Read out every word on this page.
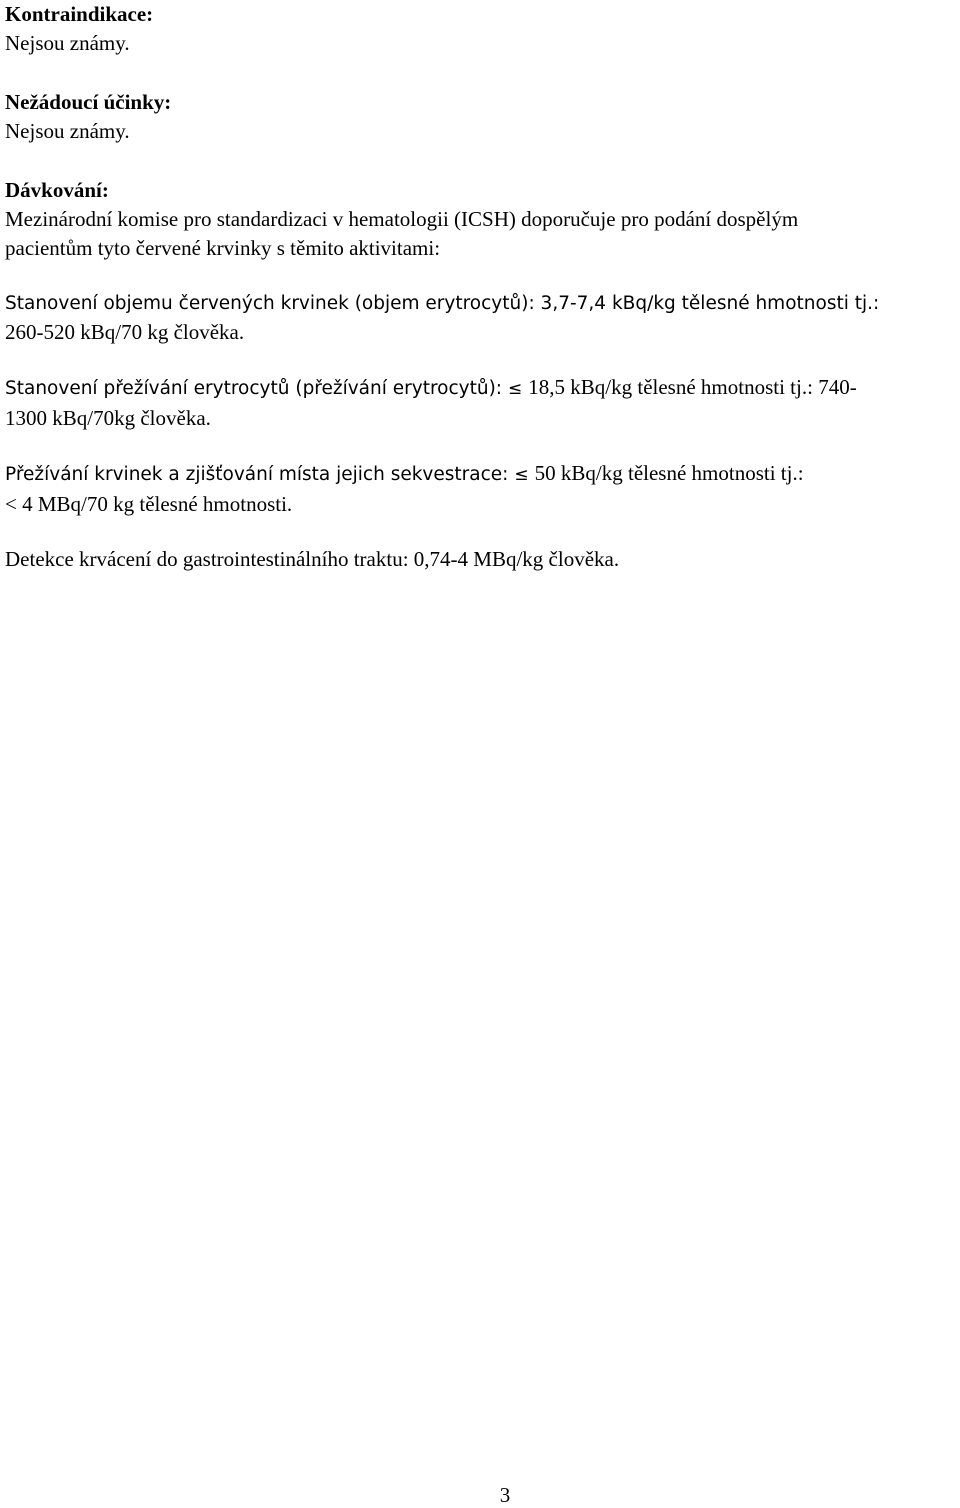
Kontraindikace:
Nejsou známy.
Nežádoucí účinky:
Nejsou známy.
Dávkování:
Mezinárodní komise pro standardizaci v hematologii (ICSH) doporučuje pro podání dospělým
pacientům tyto červené krvinky s těmito aktivitami:
Stanovení objemu červených krvinek (objem erytrocytů): 3,7-7,4 kBq/kg tělesné hmotnosti tj.:
260-520 kBq/70 kg člověka.
Stanovení přežívání erytrocytů (přežívání erytrocytů): ≤ 18,5 kBq/kg tělesné hmotnosti tj.: 740-
1300 kBq/70kg člověka.
Přežívání krvinek a zjišťování místa jejich sekvestrace: ≤ 50 kBq/kg tělesné hmotnosti tj.:
< 4 MBq/70 kg tělesné hmotnosti.
Detekce krvácení do gastrointestinálního traktu: 0,74-4 MBq/kg člověka.
3
